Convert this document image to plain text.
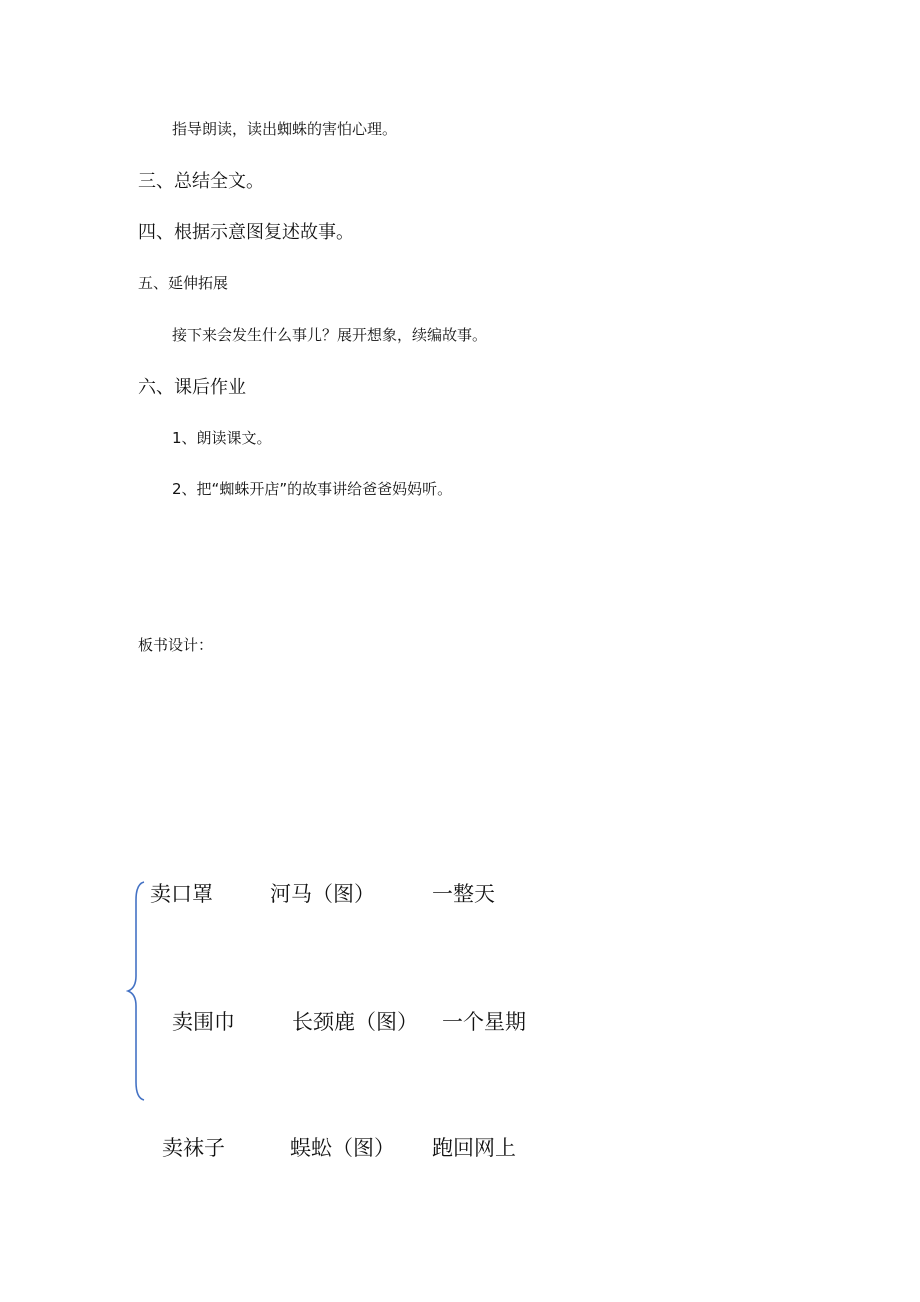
指导朗读，读出蜘蛛的害怕心理。
三、总结全文。
四、根据示意图复述故事。
五、延伸拓展
接下来会发生什么事儿？展开想象，续编故事。
六、课后作业
1、朗读课文。
2、把“蜘蛛开店”的故事讲给爸爸妈妈听。
板书设计：
卖口罩	河马（图）	一整天
卖围巾	长颈鹿（图） 一个星期
卖袜子	蜈蚣（图） 跑回网上
